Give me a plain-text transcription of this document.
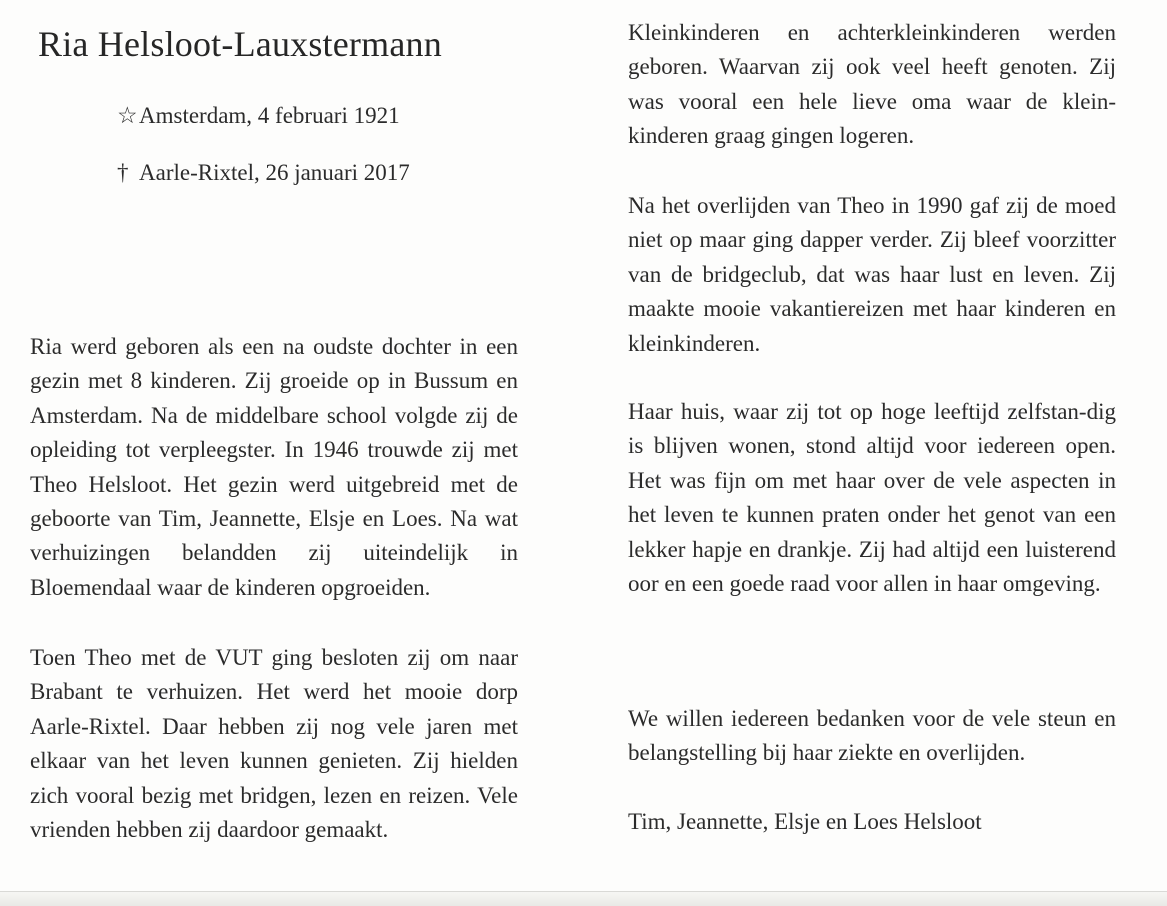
Ria Helsloot-Lauxstermann
☆Amsterdam, 4 februari 1921
† Aarle-Rixtel, 26 januari 2017

Ria werd geboren als een na oudste dochter in een gezin met 8 kinderen. Zij groeide op in Bussum en Amsterdam. Na de middelbare school volgde zij de opleiding tot verpleegster. In 1946 trouwde zij met Theo Helsloot. Het gezin werd uitgebreid met de geboorte van Tim, Jeannette, Elsje en Loes. Na wat verhuizingen belandden zij uiteindelijk in Bloemendaal waar de kinderen opgroeiden.

Toen Theo met de VUT ging besloten zij om naar Brabant te verhuizen. Het werd het mooie dorp Aarle-Rixtel. Daar hebben zij nog vele jaren met elkaar van het leven kunnen genieten. Zij hielden zich vooral bezig met bridgen, lezen en reizen. Vele vrienden hebben zij daardoor gemaakt.

Kleinkinderen en achterkleinkinderen werden geboren. Waarvan zij ook veel heeft genoten. Zij was vooral een hele lieve oma waar de klein-kinderen graag gingen logeren.

Na het overlijden van Theo in 1990 gaf zij de moed niet op maar ging dapper verder. Zij bleef voorzitter van de bridgeclub, dat was haar lust en leven. Zij maakte mooie vakantiereizen met haar kinderen en kleinkinderen.

Haar huis, waar zij tot op hoge leeftijd zelfstan-dig is blijven wonen, stond altijd voor iedereen open. Het was fijn om met haar over de vele aspecten in het leven te kunnen praten onder het genot van een lekker hapje en drankje. Zij had altijd een luisterend oor en een goede raad voor allen in haar omgeving.

We willen iedereen bedanken voor de vele steun en belangstelling bij haar ziekte en overlijden.

Tim, Jeannette, Elsje en Loes Helsloot
